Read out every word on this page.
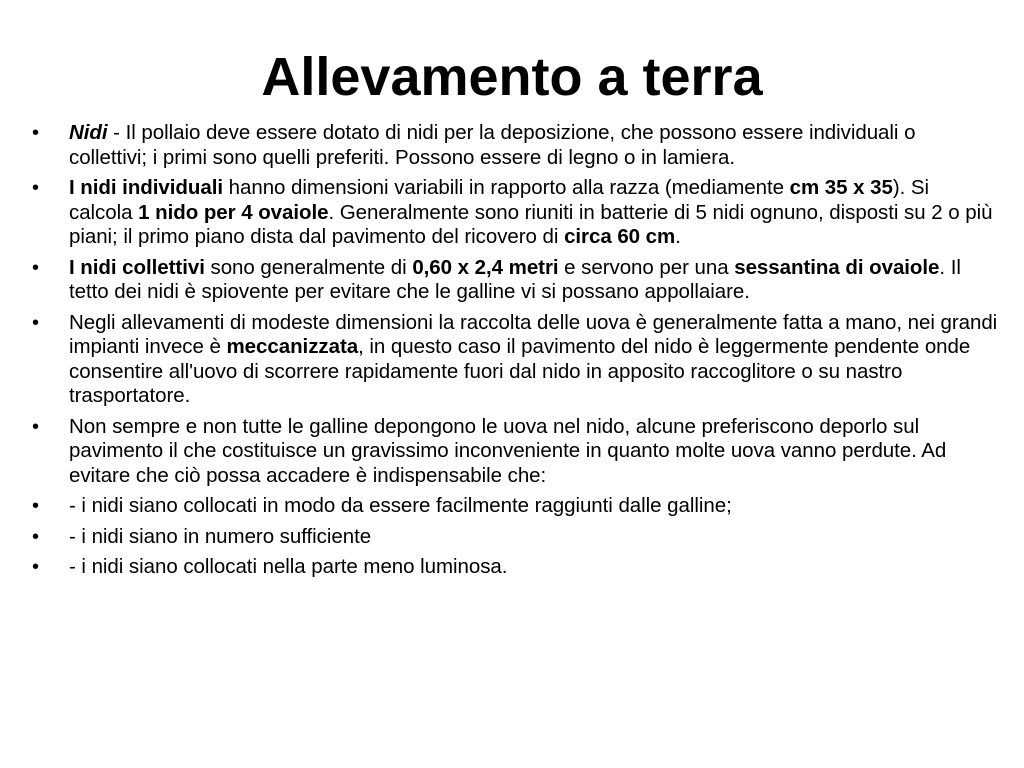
Allevamento a terra
•	Nidi - Il pollaio deve essere dotato di nidi per la deposizione, che possono essere individuali o collettivi; i primi sono quelli preferiti. Possono essere di legno o in lamiera.
•	I nidi individuali hanno dimensioni variabili in rapporto alla razza (mediamente cm 35 x 35). Si calcola 1 nido per 4 ovaiole. Generalmente sono riuniti in batterie di 5 nidi ognuno, disposti su 2 o più piani; il primo piano dista dal pavimento del ricovero di circa 60 cm.
•	I nidi collettivi sono generalmente di 0,60 x 2,4 metri e servono per una sessantina di ovaiole. Il tetto dei nidi è spiovente per evitare che le galline vi si possano appollaiare.
•	Negli allevamenti di modeste dimensioni la raccolta delle uova è generalmente fatta a mano, nei grandi impianti invece è meccanizzata, in questo caso il pavimento del nido è leggermente pendente onde consentire all'uovo di scorrere rapidamente fuori dal nido in apposito raccoglitore o su nastro trasportatore.
•	Non sempre e non tutte le galline depongono le uova nel nido, alcune preferiscono deporlo sul pavimento il che costituisce un gravissimo inconveniente in quanto molte uova vanno perdute. Ad evitare che ciò possa accadere è indispensabile che:
•	- i nidi siano collocati in modo da essere facilmente raggiunti dalle galline;
•	- i nidi siano in numero sufficiente
•	- i nidi siano collocati nella parte meno luminosa.
